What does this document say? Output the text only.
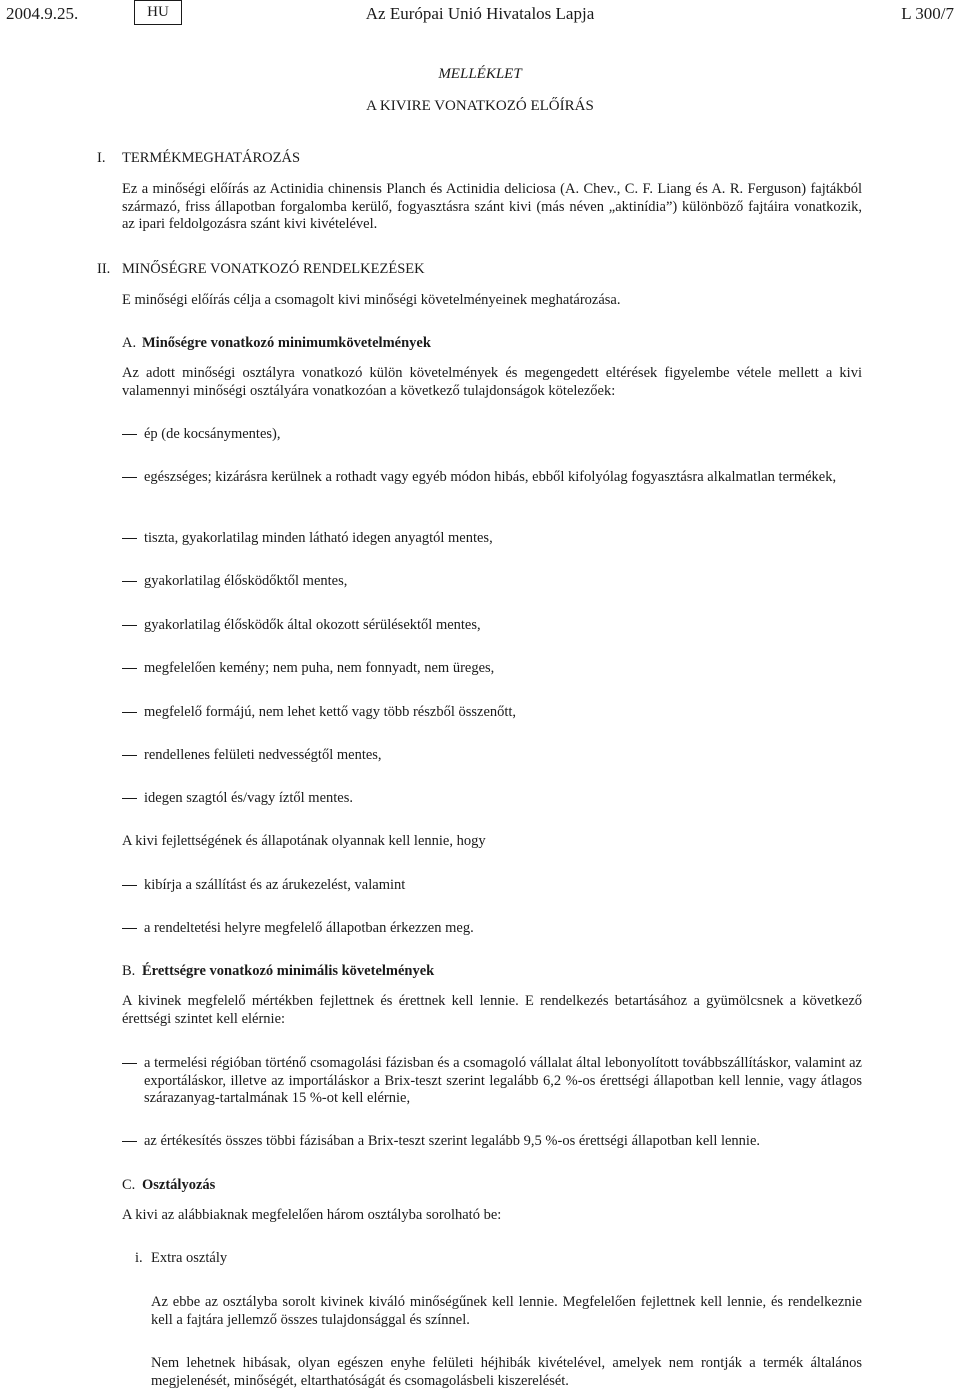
2004.9.25.	HU	Az Európai Unió Hivatalos Lapja	L 300/7
MELLÉKLET
A KIVIRE VONATKOZÓ ELŐÍRÁS
I. TERMÉKMEGHATÁROZÁS
Ez a minőségi előírás az Actinidia chinensis Planch és Actinidia deliciosa (A. Chev., C. F. Liang és A. R. Ferguson) fajtákból származó, friss állapotban forgalomba kerülő, fogyasztásra szánt kivi (más néven „aktinídia”) különböző fajtáira vonatkozik, az ipari feldolgozásra szánt kivi kivételével.
II. MINŐSÉGRE VONATKOZÓ RENDELKEZÉSEK
E minőségi előírás célja a csomagolt kivi minőségi követelményeinek meghatározása.
A. Minőségre vonatkozó minimumkövetelmények
Az adott minőségi osztályra vonatkozó külön követelmények és megengedett eltérések figyelembe vétele mellett a kivi valamennyi minőségi osztályára vonatkozóan a következő tulajdonságok kötelezőek:
ép (de kocsánymentes),
egészséges; kizárásra kerülnek a rothadt vagy egyéb módon hibás, ebből kifolyólag fogyasztásra alkalmatlan termékek,
tiszta, gyakorlatilag minden látható idegen anyagtól mentes,
gyakorlatilag élősködőktől mentes,
gyakorlatilag élősködők által okozott sérülésektől mentes,
megfelelően kemény; nem puha, nem fonnyadt, nem üreges,
megfelelő formájú, nem lehet kettő vagy több részből összenőtt,
rendellenes felületi nedvességtől mentes,
idegen szagtól és/vagy íztől mentes.
A kivi fejlettségének és állapotának olyannak kell lennie, hogy
kibírja a szállítást és az árukezelést, valamint
a rendeltetési helyre megfelelő állapotban érkezzen meg.
B. Érettségre vonatkozó minimális követelmények
A kivinek megfelelő mértékben fejlettnek és érettnek kell lennie. E rendelkezés betartásához a gyümölcsnek a következő érettségi szintet kell elérnie:
a termelési régióban történő csomagolási fázisban és a csomagoló vállalat által lebonyolított továbbszállításkor, valamint az exportáláskor, illetve az importáláskor a Brix-teszt szerint legalább 6,2 %-os érettségi állapotban kell lennie, vagy átlagos szárazanyag-tartalmának 15 %-ot kell elérnie,
az értékesítés összes többi fázisában a Brix-teszt szerint legalább 9,5 %-os érettségi állapotban kell lennie.
C. Osztályozás
A kivi az alábbiaknak megfelelően három osztályba sorolható be:
i. Extra osztály
Az ebbe az osztályba sorolt kivinek kiváló minőségűnek kell lennie. Megfelelően fejlettnek kell lennie, és rendelkeznie kell a fajtára jellemző összes tulajdonsággal és színnel.
Nem lehetnek hibásak, olyan egészen enyhe felületi héjhibák kivételével, amelyek nem rontják a termék általános megjelenését, minőségét, eltarthatóságát és csomagolásbeli kiszerelését.
